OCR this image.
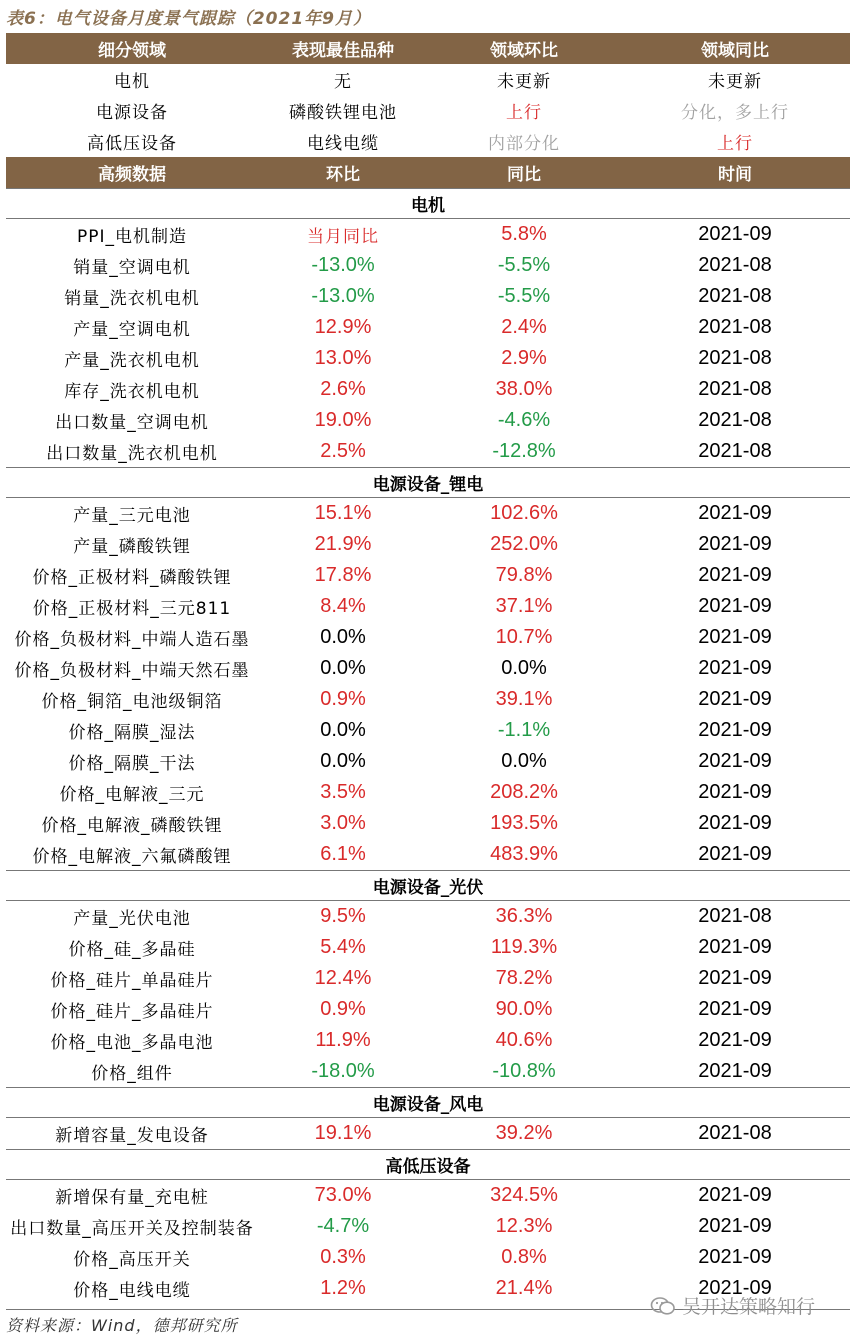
表6：电气设备月度景气跟踪（2021年9月）
细分领域	表现最佳品种	领域环比	领域同比
电机	无	未更新	未更新
电源设备	磷酸铁锂电池	上行	分化，多上行
高低压设备	电线电缆	内部分化	上行
高频数据	环比	同比	时间
电机
PPI_电机制造	当月同比	5.8%	2021-09
销量_空调电机	-13.0%	-5.5%	2021-08
销量_洗衣机电机	-13.0%	-5.5%	2021-08
产量_空调电机	12.9%	2.4%	2021-08
产量_洗衣机电机	13.0%	2.9%	2021-08
库存_洗衣机电机	2.6%	38.0%	2021-08
出口数量_空调电机	19.0%	-4.6%	2021-08
出口数量_洗衣机电机	2.5%	-12.8%	2021-08
电源设备_锂电
产量_三元电池	15.1%	102.6%	2021-09
产量_磷酸铁锂	21.9%	252.0%	2021-09
价格_正极材料_磷酸铁锂	17.8%	79.8%	2021-09
价格_正极材料_三元811	8.4%	37.1%	2021-09
价格_负极材料_中端人造石墨	0.0%	10.7%	2021-09
价格_负极材料_中端天然石墨	0.0%	0.0%	2021-09
价格_铜箔_电池级铜箔	0.9%	39.1%	2021-09
价格_隔膜_湿法	0.0%	-1.1%	2021-09
价格_隔膜_干法	0.0%	0.0%	2021-09
价格_电解液_三元	3.5%	208.2%	2021-09
价格_电解液_磷酸铁锂	3.0%	193.5%	2021-09
价格_电解液_六氟磷酸锂	6.1%	483.9%	2021-09
电源设备_光伏
产量_光伏电池	9.5%	36.3%	2021-08
价格_硅_多晶硅	5.4%	119.3%	2021-09
价格_硅片_单晶硅片	12.4%	78.2%	2021-09
价格_硅片_多晶硅片	0.9%	90.0%	2021-09
价格_电池_多晶电池	11.9%	40.6%	2021-09
价格_组件	-18.0%	-10.8%	2021-09
电源设备_风电
新增容量_发电设备	19.1%	39.2%	2021-08
高低压设备
新增保有量_充电桩	73.0%	324.5%	2021-09
出口数量_高压开关及控制装备	-4.7%	12.3%	2021-09
价格_高压开关	0.3%	0.8%	2021-09
价格_电线电缆	1.2%	21.4%	2021-09
资料来源：Wind，德邦研究所
吴开达策略知行
